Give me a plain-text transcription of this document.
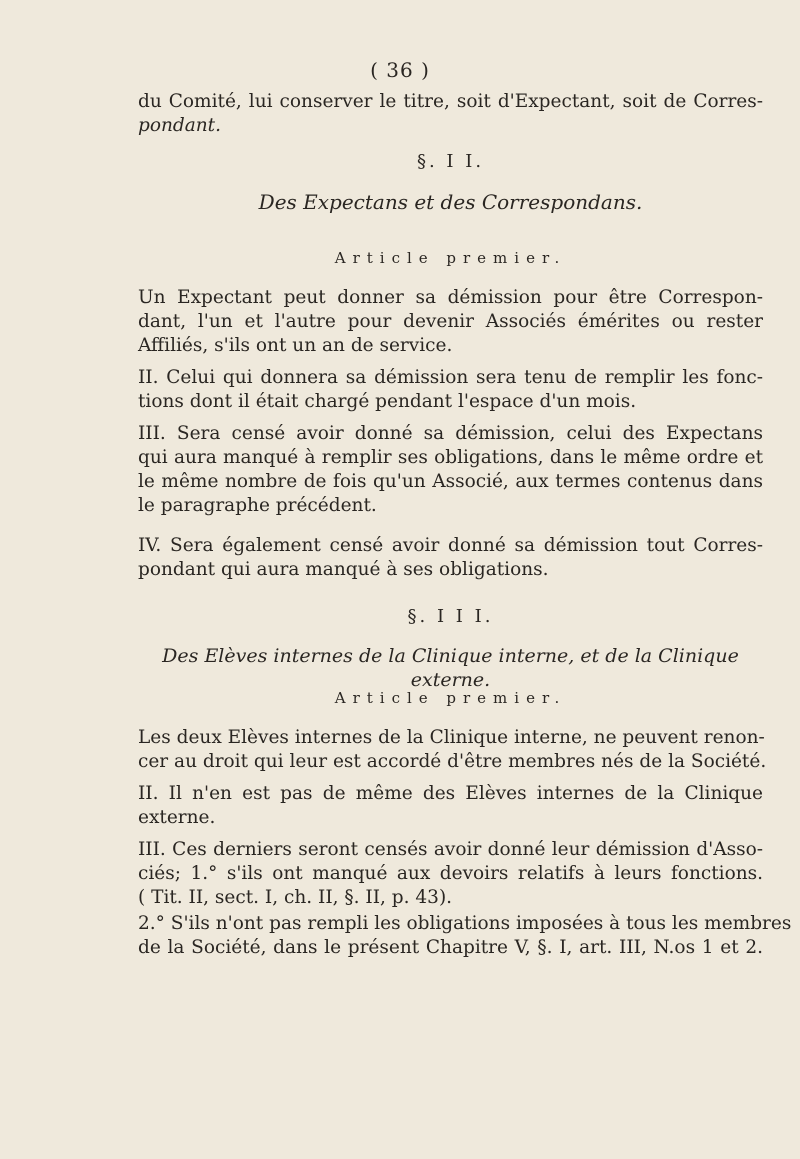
( 36 )
du Comité, lui conserver le titre, soit d'Expectant, soit de Corres-
pondant.
§. I I.
Des Expectans et des Correspondans.
Article premier.
Un Expectant peut donner sa démission pour être Correspon-
dant, l'un et l'autre pour devenir Associés émérites ou rester
Affiliés, s'ils ont un an de service.
II. Celui qui donnera sa démission sera tenu de remplir les fonc-
tions dont il était chargé pendant l'espace d'un mois.
III. Sera censé avoir donné sa démission, celui des Expectans
qui aura manqué à remplir ses obligations, dans le même ordre et
le même nombre de fois qu'un Associé, aux termes contenus dans
le paragraphe précédent.
IV. Sera également censé avoir donné sa démission tout Corres-
pondant qui aura manqué à ses obligations.
§. I I I.
Des Elèves internes de la Clinique interne, et de la Clinique externe.
Article premier.
Les deux Elèves internes de la Clinique interne, ne peuvent renon-
cer au droit qui leur est accordé d'être membres nés de la Société.
II. Il n'en est pas de même des Elèves internes de la Clinique
externe.
III. Ces derniers seront censés avoir donné leur démission d'Asso-
ciés; 1.° s'ils ont manqué aux devoirs relatifs à leurs fonctions.
( Tit. II, sect. I, ch. II, §. II, p. 43).
2.° S'ils n'ont pas rempli les obligations imposées à tous les membres
de la Société, dans le présent Chapitre V, §. I, art. III, N.os 1 et 2.
